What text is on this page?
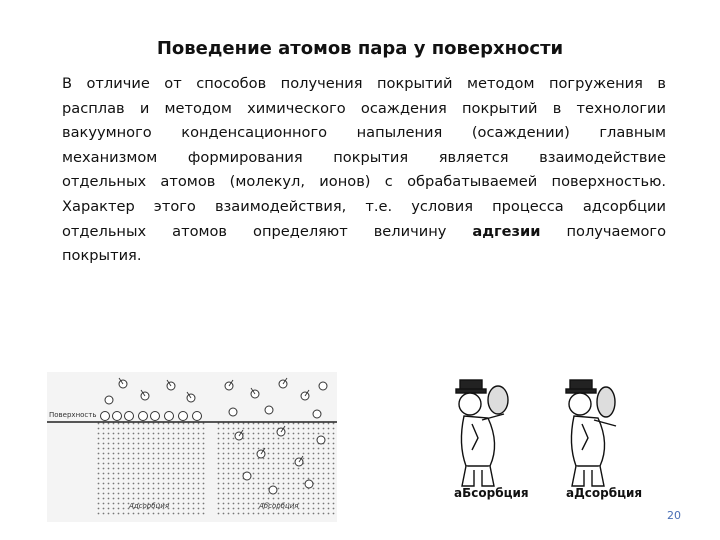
Поведение атомов пара у поверхности
В отличие от способов получения покрытий методом погружения в
расплав и методом химического осаждения покрытий в технологии
вакуумного конденсационного напыления (осаждении) главным
механизмом формирования покрытия является взаимодействие
отдельных атомов (молекул, ионов) с обрабатываемей поверхностью.
Характер этого взаимодействия, т.е. условия процесса адсорбции
отдельных атомов определяют величину адгезии получаемого
покрытия.
Поверхность
Адсорбция	Абсорбция
аБсорбция	аДсорбция
20
